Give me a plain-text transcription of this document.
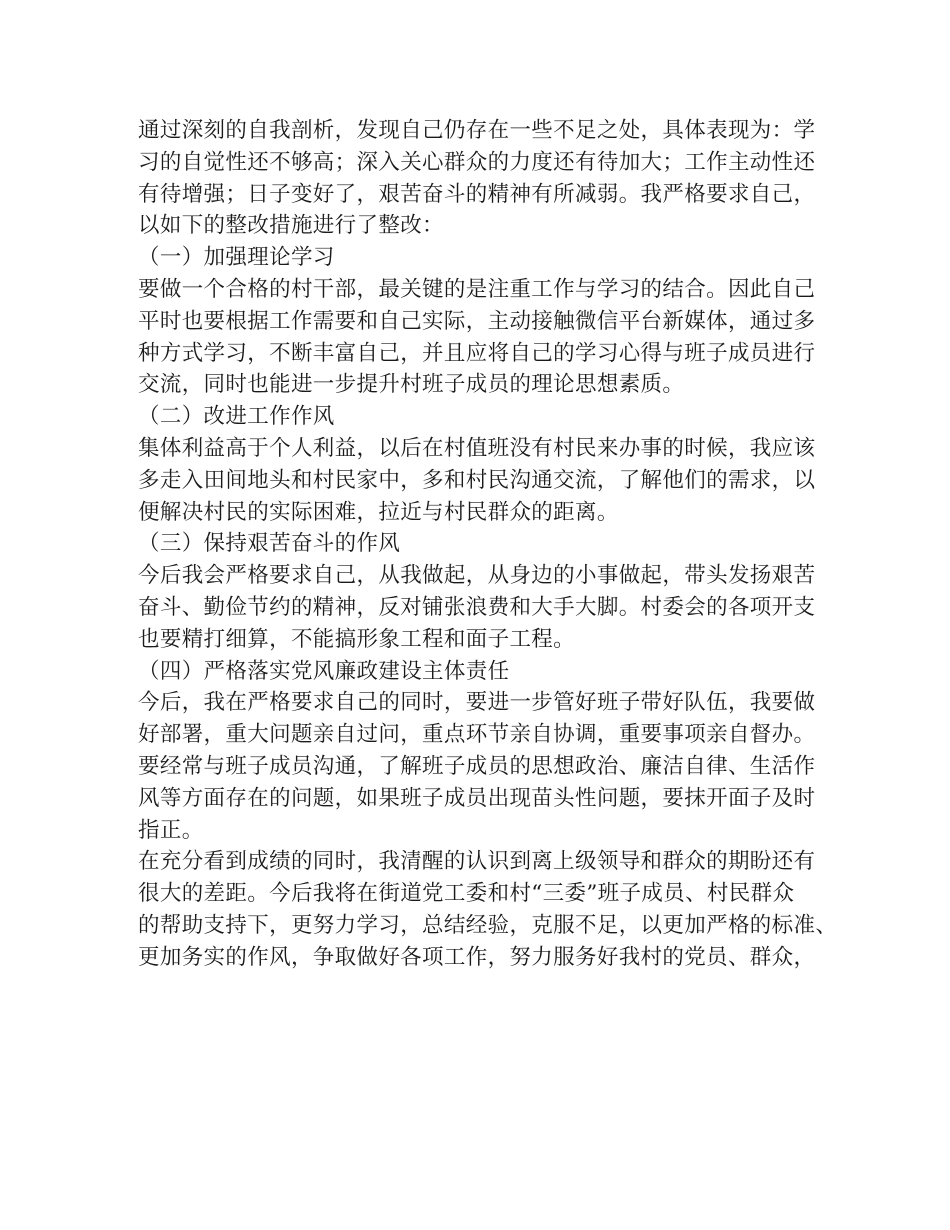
通过深刻的自我剖析，发现自己仍存在一些不足之处，具体表现为：学

习的自觉性还不够高；深入关心群众的力度还有待加大；工作主动性还

有待增强；日子变好了，艰苦奋斗的精神有所减弱。我严格要求自己，

以如下的整改措施进行了整改：

（一）加强理论学习

要做一个合格的村干部，最关键的是注重工作与学习的结合。因此自己

平时也要根据工作需要和自己实际，主动接触微信平台新媒体，通过多

种方式学习，不断丰富自己，并且应将自己的学习心得与班子成员进行

交流，同时也能进一步提升村班子成员的理论思想素质。

（二）改进工作作风

集体利益高于个人利益，以后在村值班没有村民来办事的时候，我应该

多走入田间地头和村民家中，多和村民沟通交流，了解他们的需求，以

便解决村民的实际困难，拉近与村民群众的距离。

（三）保持艰苦奋斗的作风

今后我会严格要求自己，从我做起，从身边的小事做起，带头发扬艰苦

奋斗、勤俭节约的精神，反对铺张浪费和大手大脚。村委会的各项开支

也要精打细算，不能搞形象工程和面子工程。

（四）严格落实党风廉政建设主体责任

今后，我在严格要求自己的同时，要进一步管好班子带好队伍，我要做

好部署，重大问题亲自过问，重点环节亲自协调，重要事项亲自督办。

要经常与班子成员沟通，了解班子成员的思想政治、廉洁自律、生活作

风等方面存在的问题，如果班子成员出现苗头性问题，要抹开面子及时

指正。

在充分看到成绩的同时，我清醒的认识到离上级领导和群众的期盼还有

很大的差距。今后我将在街道党工委和村“三委”班子成员、村民群众

的帮助支持下，更努力学习，总结经验，克服不足，以更加严格的标准、

更加务实的作风，争取做好各项工作，努力服务好我村的党员、群众，
